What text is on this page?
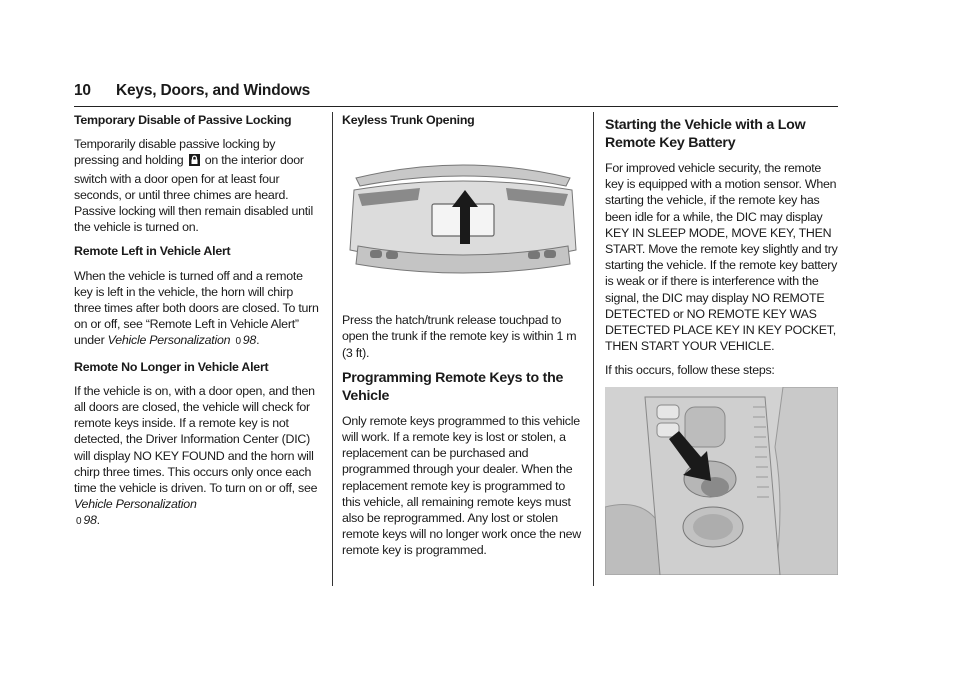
10 Keys, Doors, and Windows
Temporary Disable of Passive Locking

Temporarily disable passive locking by pressing and holding on the interior door switch with a door open for at least four seconds, or until three chimes are heard. Passive locking will then remain disabled until the vehicle is turned on.

Remote Left in Vehicle Alert

When the vehicle is turned off and a remote key is left in the vehicle, the horn will chirp three times after both doors are closed. To turn on or off, see “Remote Left in Vehicle Alert” under Vehicle Personalization 0 98.

Remote No Longer in Vehicle Alert

If the vehicle is on, with a door open, and then all doors are closed, the vehicle will check for remote keys inside. If a remote key is not detected, the Driver Information Center (DIC) will display NO KEY FOUND and the horn will chirp three times. This occurs only once each time the vehicle is driven. To turn on or off, see Vehicle Personalization
0 98.

Keyless Trunk Opening

Press the hatch/trunk release touchpad to open the trunk if the remote key is within 1 m (3 ft).

Programming Remote Keys to the Vehicle

Only remote keys programmed to this vehicle will work. If a remote key is lost or stolen, a replacement can be purchased and programmed through your dealer. When the replacement remote key is programmed to this vehicle, all remaining remote keys must also be reprogrammed. Any lost or stolen remote keys will no longer work once the new remote key is programmed.

Starting the Vehicle with a Low Remote Key Battery

For improved vehicle security, the remote key is equipped with a motion sensor. When starting the vehicle, if the remote key has been idle for a while, the DIC may display KEY IN SLEEP MODE, MOVE KEY, THEN START. Move the remote key slightly and try starting the vehicle. If the remote key battery is weak or if there is interference with the signal, the DIC may display NO REMOTE DETECTED or NO REMOTE KEY WAS DETECTED PLACE KEY IN KEY POCKET, THEN START YOUR VEHICLE.

If this occurs, follow these steps:
